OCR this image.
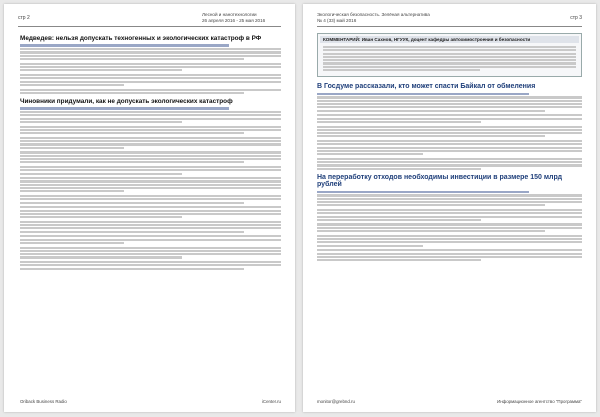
стр 2
Лесной и нанотехнологии
26 апреля 2016 - 25 мая 2016
Медведев: нельзя допускать техногенных и экологических катастроф в РФ
Чиновники придумали, как не допускать экологических катастроф
Oriback Business Radio	iCenter.ru
Экологическая безопасность. Зелёная альтернатива
№ 4 (33) май 2016	стр 3
КОММЕНТАРИЙ: Иван Сахнов, НГУУК, доцент кафедры автохимостроения и безопасности
В Госдуме рассказали, кто может спасти Байкал от обмеления
На переработку отходов необходимы инвестиции в размере 150 млрд рублей
monitor@grebnd.ru	Информационное агентство "Программа"
